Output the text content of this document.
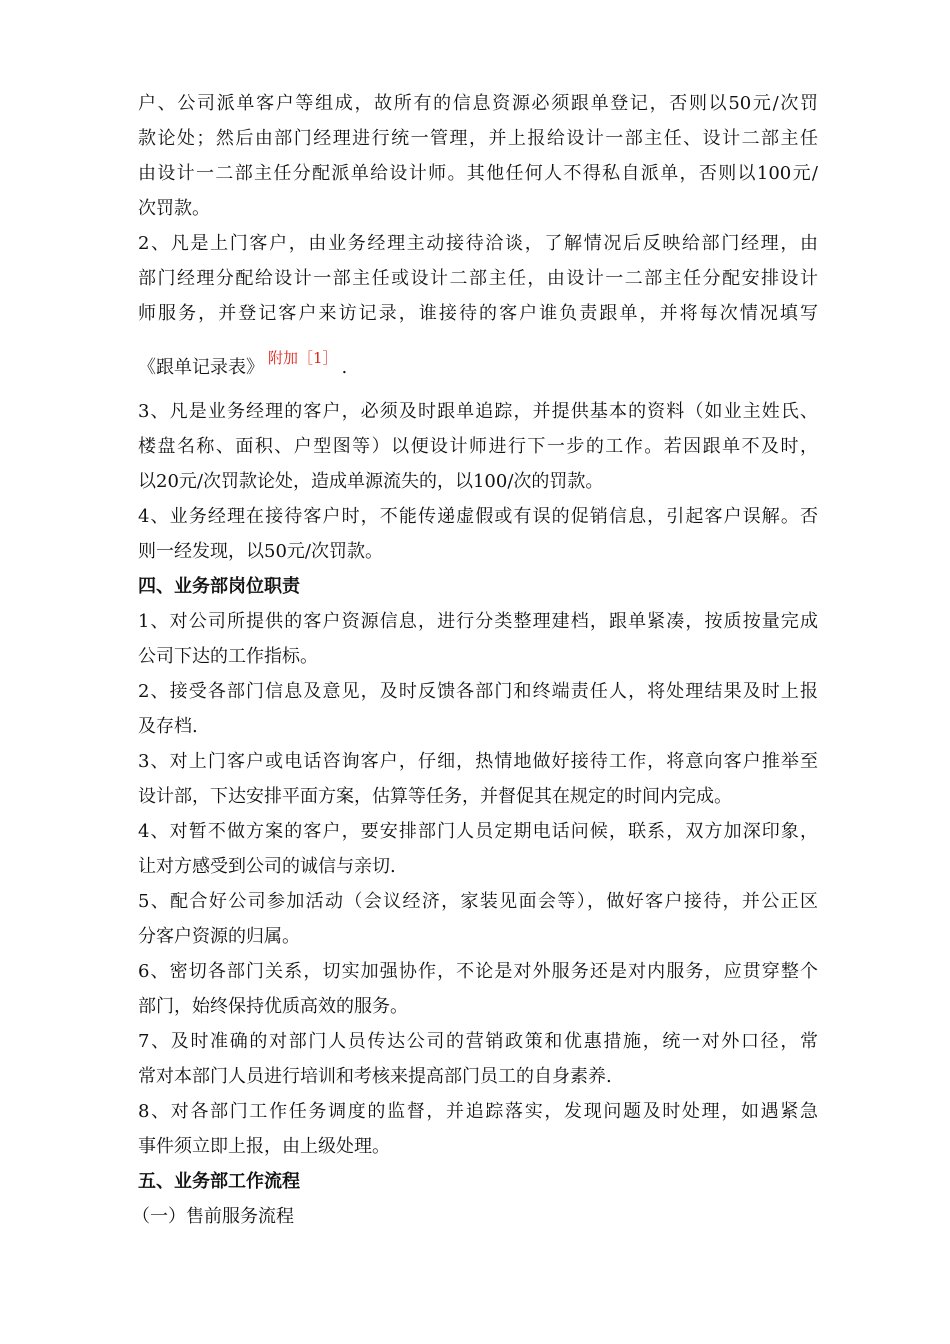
户、公司派单客户等组成，故所有的信息资源必须跟单登记，否则以50元/次罚
款论处；然后由部门经理进行统一管理，并上报给设计一部主任、设计二部主任
由设计一二部主任分配派单给设计师。其他任何人不得私自派单，否则以100元/
次罚款。
2、凡是上门客户，由业务经理主动接待洽谈，了解情况后反映给部门经理，由
部门经理分配给设计一部主任或设计二部主任，由设计一二部主任分配安排设计
师服务，并登记客户来访记录，谁接待的客户谁负责跟单，并将每次情况填写
《跟单记录表》 $^{附加[1]}$ .
3、凡是业务经理的客户，必须及时跟单追踪，并提供基本的资料（如业主姓氏、
楼盘名称、面积、户型图等）以便设计师进行下一步的工作。若因跟单不及时，
以20元/次罚款论处，造成单源流失的，以100/次的罚款。
4、业务经理在接待客户时，不能传递虚假或有误的促销信息，引起客户误解。否
则一经发现，以50元/次罚款。
四、业务部岗位职责
1、对公司所提供的客户资源信息，进行分类整理建档，跟单紧凑，按质按量完成
公司下达的工作指标。
2、接受各部门信息及意见，及时反馈各部门和终端责任人，将处理结果及时上报
及存档.
3、对上门客户或电话咨询客户，仔细，热情地做好接待工作，将意向客户推举至
设计部，下达安排平面方案，估算等任务，并督促其在规定的时间内完成。
4、对暂不做方案的客户，要安排部门人员定期电话问候，联系，双方加深印象，
让对方感受到公司的诚信与亲切.
5、配合好公司参加活动（会议经济，家装见面会等），做好客户接待，并公正区
分客户资源的归属。
6、密切各部门关系，切实加强协作，不论是对外服务还是对内服务，应贯穿整个
部门，始终保持优质高效的服务。
7、及时准确的对部门人员传达公司的营销政策和优惠措施，统一对外口径，常
常对本部门人员进行培训和考核来提高部门员工的自身素养.
8、对各部门工作任务调度的监督，并追踪落实，发现问题及时处理，如遇紧急
事件须立即上报，由上级处理。
五、业务部工作流程
（一）售前服务流程
